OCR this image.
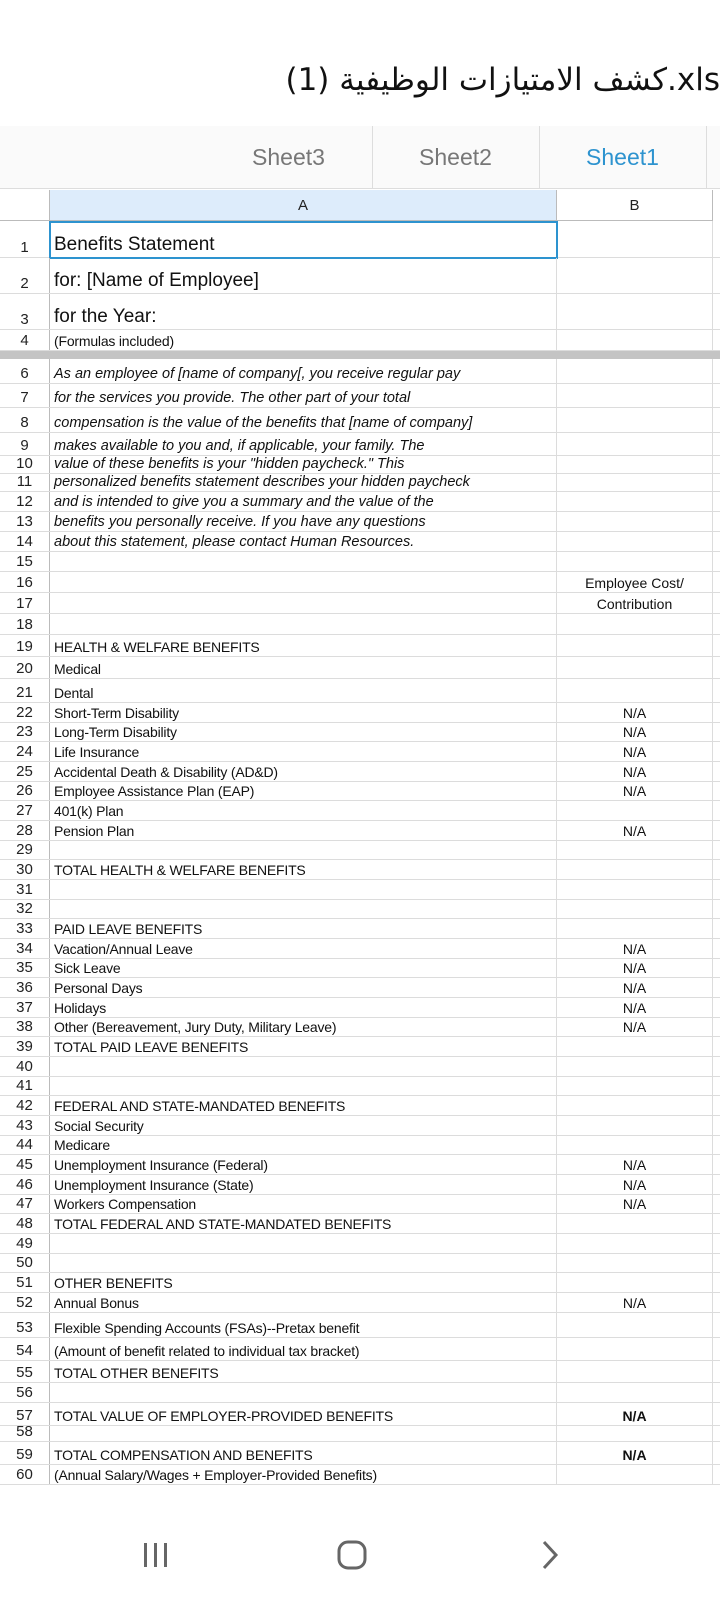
كشف الامتيازات الوظيفية (1).xls
Sheet3	Sheet2	Sheet1
A	B
1 Benefits Statement
2 for: [Name of Employee]
3 for the Year:
4 (Formulas included)
6 As an employee of [name of company[, you receive regular pay
7 for the services you provide. The other part of your total
8 compensation is the value of the benefits that [name of company]
9 makes available to you and, if applicable, your family. The
10 value of these benefits is your "hidden paycheck." This
11 personalized benefits statement describes your hidden paycheck
12 and is intended to give you a summary and the value of the
13 benefits you personally receive. If you have any questions
14 about this statement, please contact Human Resources.
15
16	Employee Cost/
17	Contribution
18
19 HEALTH & WELFARE BENEFITS
20 Medical
21 Dental
22 Short-Term Disability	N/A
23 Long-Term Disability	N/A
24 Life Insurance	N/A
25 Accidental Death & Disability (AD&D)	N/A
26 Employee Assistance Plan (EAP)	N/A
27 401(k) Plan
28 Pension Plan	N/A
29
30 TOTAL HEALTH & WELFARE BENEFITS
31
32
33 PAID LEAVE BENEFITS
34 Vacation/Annual Leave	N/A
35 Sick Leave	N/A
36 Personal Days	N/A
37 Holidays	N/A
38 Other (Bereavement, Jury Duty, Military Leave)	N/A
39 TOTAL PAID LEAVE BENEFITS
40
41
42 FEDERAL AND STATE-MANDATED BENEFITS
43 Social Security
44 Medicare
45 Unemployment Insurance (Federal)	N/A
46 Unemployment Insurance (State)	N/A
47 Workers Compensation	N/A
48 TOTAL FEDERAL AND STATE-MANDATED BENEFITS
49
50
51 OTHER BENEFITS
52 Annual Bonus	N/A
53 Flexible Spending Accounts (FSAs)--Pretax benefit
54 (Amount of benefit related to individual tax bracket)
55 TOTAL OTHER BENEFITS
56
57 TOTAL VALUE OF EMPLOYER-PROVIDED BENEFITS	N/A
58
59 TOTAL COMPENSATION AND BENEFITS	N/A
60 (Annual Salary/Wages + Employer-Provided Benefits)
